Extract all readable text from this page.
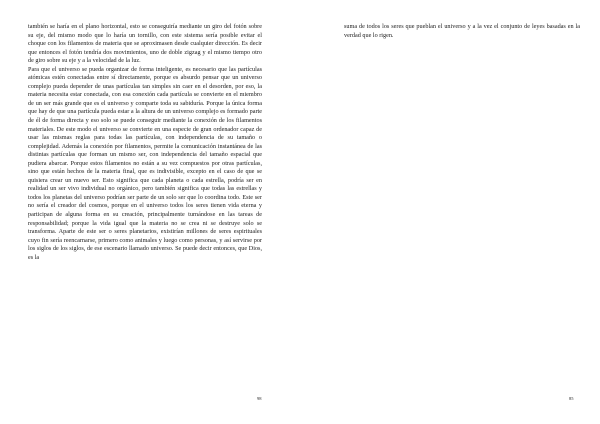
también se haría en el plano horizontal, esto se conseguiría mediante un giro del fotón sobre su eje, del mismo modo que lo haría un tornillo, con este sistema sería posible evitar el choque con los filamentos de materia que se aproximasen desde cualquier dirección. Es decir que entonces el fotón tendría dos movimientos, uno de doble zigzag y el mismo tiempo otro de giro sobre su eje y a la velocidad de la luz.

Para que el universo se pueda organizar de forma inteligente, es necesario que las partículas atómicas estén conectadas entre sí directamente, porque es absurdo pensar que un universo complejo pueda depender de unas partículas tan simples sin caer en el desorden, por eso, la materia necesita estar conectada, con esa conexión cada partícula se convierte en el miembro de un ser más grande que es el universo y comparte toda su sabiduría. Porque la única forma que hay de que una partícula pueda estar a la altura de un universo complejo es formado parte de él de forma directa y eso solo se puede conseguir mediante la conexión de los filamentos materiales. De este modo el universo se convierte en una especie de gran ordenador capaz de usar las mismas reglas para todas las partículas, con independencia de su tamaño o complejidad. Además la conexión por filamentos, permite la comunicación instantánea de las distintas partículas que forman un mismo ser, con independencia del tamaño espacial que pudiera abarcar. Porque estos filamentos no están a su vez compuestos por otras partículas, sino que están hechos de la materia final, que es indivisible, excepto en el caso de que se quisiera crear un nuevo ser. Esto significa que cada planeta o cada estrella, podría ser en realidad un ser vivo individual no orgánico, pero también significa que todas las estrellas y todos los planetas del universo podrían ser parte de un solo ser que lo coordina todo. Este ser no sería el creador del cosmos, porque en el universo todos los seres tienen vida eterna y participan de alguna forma en su creación, principalmente turnándose en las tareas de responsabilidad; porque la vida igual que la materia no se crea ni se destruye solo se transforma. Aparte de este ser o seres planetarios, existirían millones de seres espirituales cuyo fin sería reencarnarse, primero como animales y luego como personas, y así servirse por los siglos de los siglos, de ese escenario llamado universo. Se puede decir entonces, que Dios, es la

98

suma de todos los seres que pueblan el universo y a la vez el conjunto de leyes basadas en la verdad que lo rigen.

85
